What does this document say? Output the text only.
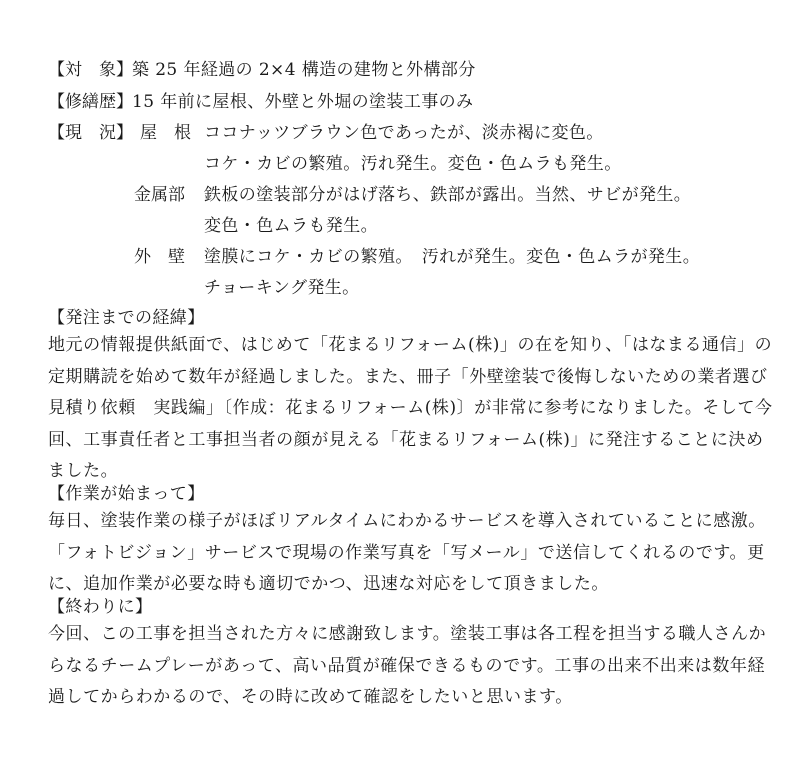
【対　象】 築 25 年経過の 2×4 構造の建物と外構部分
【修繕歴】 15 年前に屋根、外壁と外堀の塗装工事のみ
【現　況】 屋　根 ココナッツブラウン色であったが、淡赤褐に変色。
コケ・カビの繁殖。汚れ発生。変色・色ムラも発生。
金属部 鉄板の塗装部分がはげ落ち、鉄部が露出。当然、サビが発生。
変色・色ムラも発生。
外　壁 塗膜にコケ・カビの繁殖。　汚れが発生。変色・色ムラが発生。
チョーキング発生。
【発注までの経緯】
地元の情報提供紙面で、はじめて「花まるリフォーム(株)」の在を知り、「はなまる通信」の
定期購読を始めて数年が経過しました。また、冊子「外壁塗装で後悔しないための業者選び
見積り依頼　実践編」〔作成：花まるリフォーム(株)〕が非常に参考になりました。そして今
回、工事責任者と工事担当者の顔が見える「花まるリフォーム(株)」に発注することに決め
ました。
【作業が始まって】
毎日、塗装作業の様子がほぼリアルタイムにわかるサービスを導入されていることに感激。
「フォトビジョン」サービスで現場の作業写真を「写メール」で送信してくれるのです。更
に、追加作業が必要な時も適切でかつ、迅速な対応をして頂きました。
【終わりに】
今回、この工事を担当された方々に感謝致します。塗装工事は各工程を担当する職人さんか
らなるチームプレーがあって、高い品質が確保できるものです。工事の出来不出来は数年経
過してからわかるので、その時に改めて確認をしたいと思います。
